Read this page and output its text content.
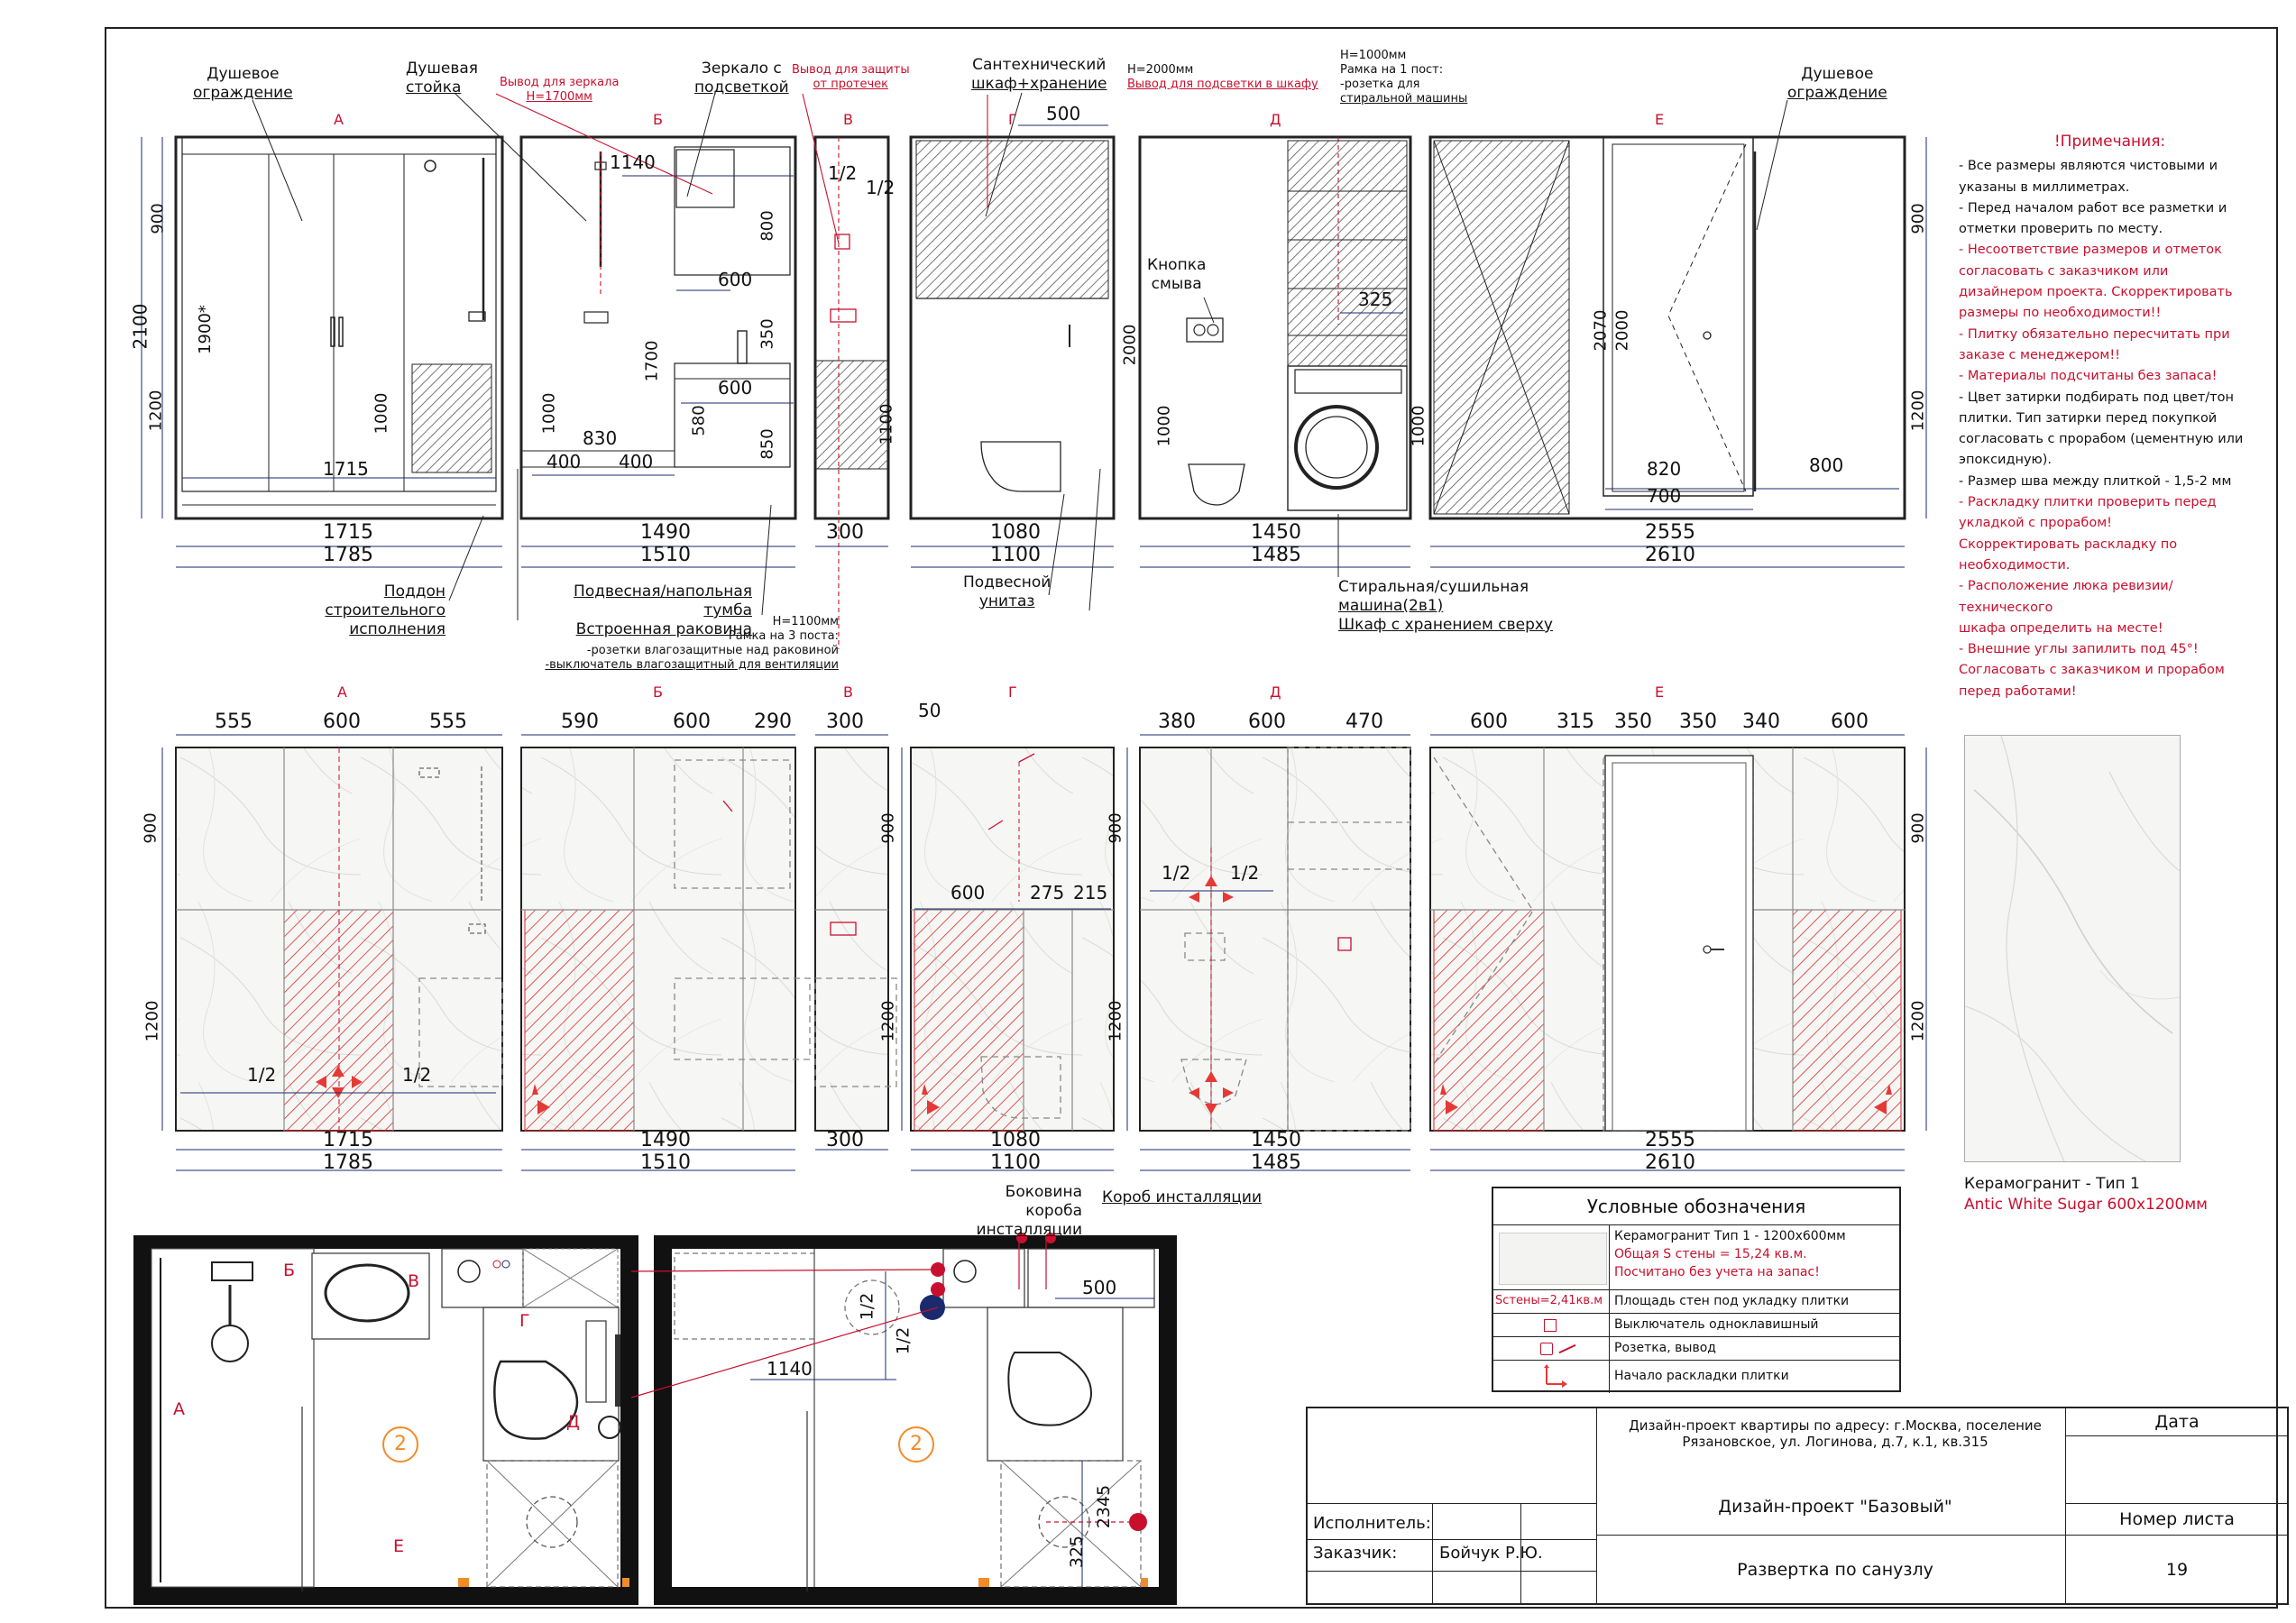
А	Б	В	Г	Д	Е
А	Б	В	Г	Д	Е
Душевое
ограждение
Душевая
стойка	Вывод для зеркала
Н=1700мм
Зеркало с
подсветкой
Вывод для защиты
от протечек
Сантехнический
шкаф+хранение
Н=2000мм
Вывод для подсветки в шкафу
Н=1000мм
Рамка на 1 пост:
-розетка для
стиральной машины
Душевое
ограждение
Кнопка
смыва
Поддон строительного
исполнения
Подвесная/напольная тумба
Встроенная раковина	Н=1100мм
Рамка на 3 поста:
-розетки влагозащитные над раковиной
-выключатель влагозащитный для вентиляции
Подвесной
унитаз
Стиральная/сушильная
машина(2в1)
Шкаф с хранением сверху
Боковина короба
инсталляции
Короб инсталляции
1715
1785
2100
900
1200
1900*
1715
1000
1490
1510
1140
600
600
800
350
580
850
1700
1000
830
400 400
300
1/2
1/2
1100
500
1080
1100
2000
1000
325
1000
1450
1485
2070 2000
820
700
800
2555
2610
900
1200
555	600	555	590	600 290 300	50	380	600	470	600 315 350 350 340	600
900
1200
900
1200
900
1200
900
1200
600 275 215
1/2 1/2
1/2	1/2
1715
1785
1490
1510
300	1080
1100
1450
1485
2555
2610
!Примечания:
- Все размеры являются чистовыми и
указаны в миллиметрах.
- Перед началом работ все разметки и
отметки проверить по месту.
- Несоответствие размеров и отметок
согласовать с заказчиком или
дизайнером проекта. Скорректировать
размеры по необходимости!!
- Плитку обязательно пересчитать при
заказе с менеджером!!
- Материалы подсчитаны без запаса!
- Цвет затирки подбирать под цвет/тон
плитки. Тип затирки перед покупкой
согласовать с прорабом (цементную или
эпоксидную).
- Размер шва между плиткой - 1,5-2 мм
- Раскладку плитки проверить перед
укладкой с прорабом!
Скорректировать раскладку по
необходимости.
- Расположение люка ревизии/технического
шкафа определить на месте!
- Внешние углы запилить под 45°!
Согласовать с заказчиком и прорабом
перед работами!
Керамогранит - Тип 1
Antic White Sugar 600х1200мм
Условные обозначения
Керамогранит Тип 1 - 1200х600мм
Общая S стены = 15,24 кв.м.
Посчитано без учета на запас!
Sстены=2,41кв.м Площадь стен под укладку плитки
Выключатель одноклавишный
Розетка, вывод
Начало раскладки плитки
Б
В
Г
Д
А
Е
2	2
1140
500
1/2
1/2
325
2345
Дизайн-проект квартиры по адресу: г.Москва, поселение
Рязановское, ул. Логинова, д.7, к.1, кв.315
Дата
Исполнитель:
Дизайн-проект "Базовый"
Номер листа
Заказчик:	Бойчук Р.Ю.
Развертка по санузлу	19
